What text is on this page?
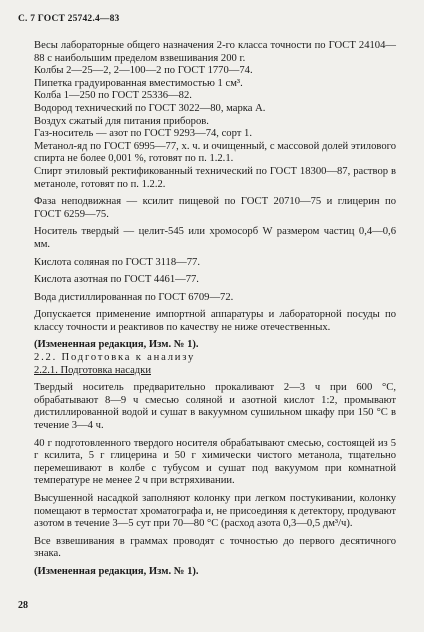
С. 7 ГОСТ 25742.4—83

Весы лабораторные общего назначения 2-го класса точности по ГОСТ 24104—88 с наибольшим пределом взвешивания 200 г.

Колбы 2—25—2, 2—100—2 по ГОСТ 1770—74.

Пипетка градуированная вместимостью 1 см³.

Колба 1—250 по ГОСТ 25336—82.

Водород технический по ГОСТ 3022—80, марка А.

Воздух сжатый для питания приборов.

Газ-носитель — азот по ГОСТ 9293—74, сорт 1.

Метанол-яд по ГОСТ 6995—77, х. ч. и очищенный, с массовой долей этилового спирта не более 0,001 %, готовят по п. 1.2.1.

Спирт этиловый ректификованный технический по ГОСТ 18300—87, раствор в метаноле, готовят по п. 1.2.2.

Фаза неподвижная — ксилит пищевой по ГОСТ 20710—75 и глицерин по ГОСТ 6259—75.

Носитель твердый — целит-545 или хромосорб W размером частиц 0,4—0,6 мм.

Кислота соляная по ГОСТ 3118—77.

Кислота азотная по ГОСТ 4461—77.

Вода дистиллированная по ГОСТ 6709—72.

Допускается применение импортной аппаратуры и лабораторной посуды по классу точности и реактивов по качеству не ниже отечественных.

(Измененная редакция, Изм. № 1).

2.2. Подготовка к анализу

2.2.1. Подготовка насадки

Твердый носитель предварительно прокаливают 2—3 ч при 600 °С, обрабатывают 8—9 ч смесью соляной и азотной кислот 1:2, промывают дистиллированной водой и сушат в вакуумном сушильном шкафу при 150 °С в течение 3—4 ч.

40 г подготовленного твердого носителя обрабатывают смесью, состоящей из 5 г ксилита, 5 г глицерина и 50 г химически чистого метанола, тщательно перемешивают в колбе с тубусом и сушат под вакуумом при комнатной температуре не менее 2 ч при встряхивании.

Высушенной насадкой заполняют колонку при легком постукивании, колонку помещают в термостат хроматографа и, не присоединяя к детектору, продувают азотом в течение 3—5 сут при 70—80 °С (расход азота 0,3—0,5 дм³/ч).

Все взвешивания в граммах проводят с точностью до первого десятичного знака.

(Измененная редакция, Изм. № 1).

28
